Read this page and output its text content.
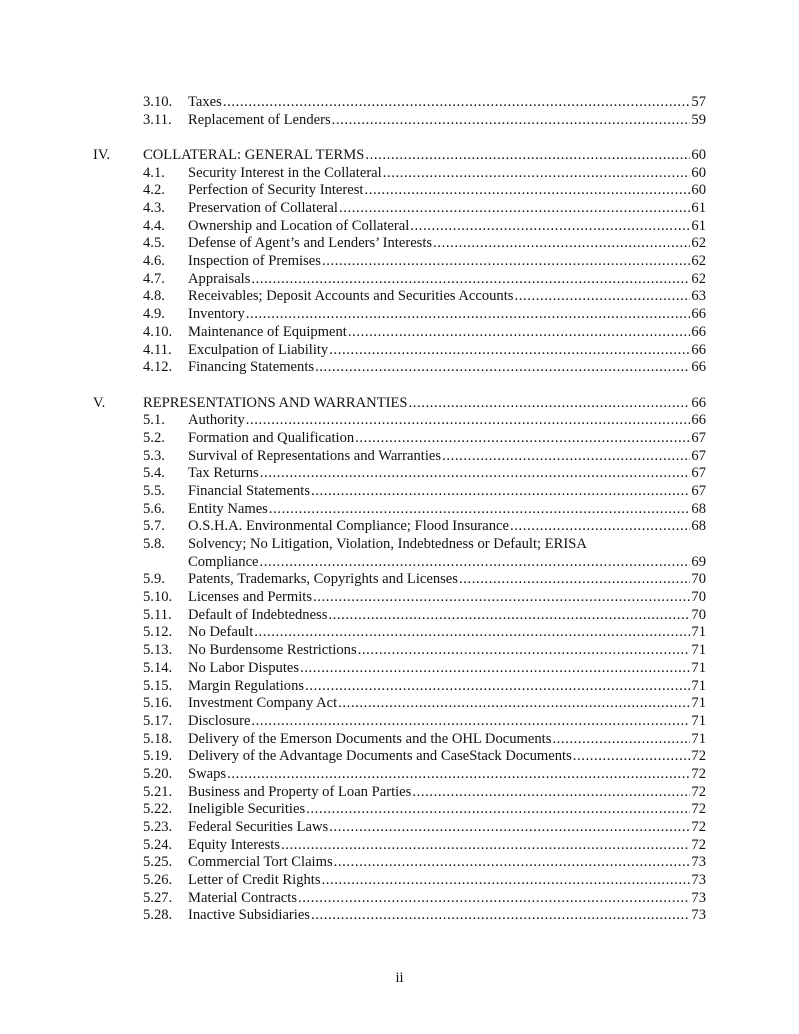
3.10. Taxes .....	57
3.11. Replacement of Lenders .....	59
IV. COLLATERAL: GENERAL TERMS .....	60
4.1. Security Interest in the Collateral .....	60
4.2. Perfection of Security Interest .....	60
4.3. Preservation of Collateral .....	61
4.4. Ownership and Location of Collateral .....	61
4.5. Defense of Agent’s and Lenders’ Interests .....	62
4.6. Inspection of Premises .....	62
4.7. Appraisals .....	62
4.8. Receivables; Deposit Accounts and Securities Accounts .....	63
4.9. Inventory .....	66
4.10. Maintenance of Equipment .....	66
4.11. Exculpation of Liability .....	66
4.12. Financing Statements .....	66
V.	REPRESENTATIONS AND WARRANTIES .....	66
5.1. Authority .....	66
5.2. Formation and Qualification .....	67
5.3. Survival of Representations and Warranties .....	67
5.4. Tax Returns .....	67
5.5. Financial Statements .....	67
5.6. Entity Names .....	68
5.7. O.S.H.A. Environmental Compliance; Flood Insurance .....	68
5.8. Solvency; No Litigation, Violation, Indebtedness or Default; ERISA
Compliance .....	69
5.9. Patents, Trademarks, Copyrights and Licenses .....	70
5.10. Licenses and Permits .....	70
5.11. Default of Indebtedness .....	70
5.12. No Default .....	71
5.13. No Burdensome Restrictions .....	71
5.14. No Labor Disputes .....	71
5.15. Margin Regulations .....	71
5.16. Investment Company Act .....	71
5.17. Disclosure .....	71
5.18. Delivery of the Emerson Documents and the OHL Documents .....	71
5.19. Delivery of the Advantage Documents and CaseStack Documents .....	72
5.20. Swaps .....	72
5.21. Business and Property of Loan Parties .....	72
5.22. Ineligible Securities .....	72
5.23. Federal Securities Laws .....	72
5.24. Equity Interests .....	72
5.25. Commercial Tort Claims .....	73
5.26. Letter of Credit Rights .....	73
5.27. Material Contracts .....	73
5.28. Inactive Subsidiaries .....	73
ii
